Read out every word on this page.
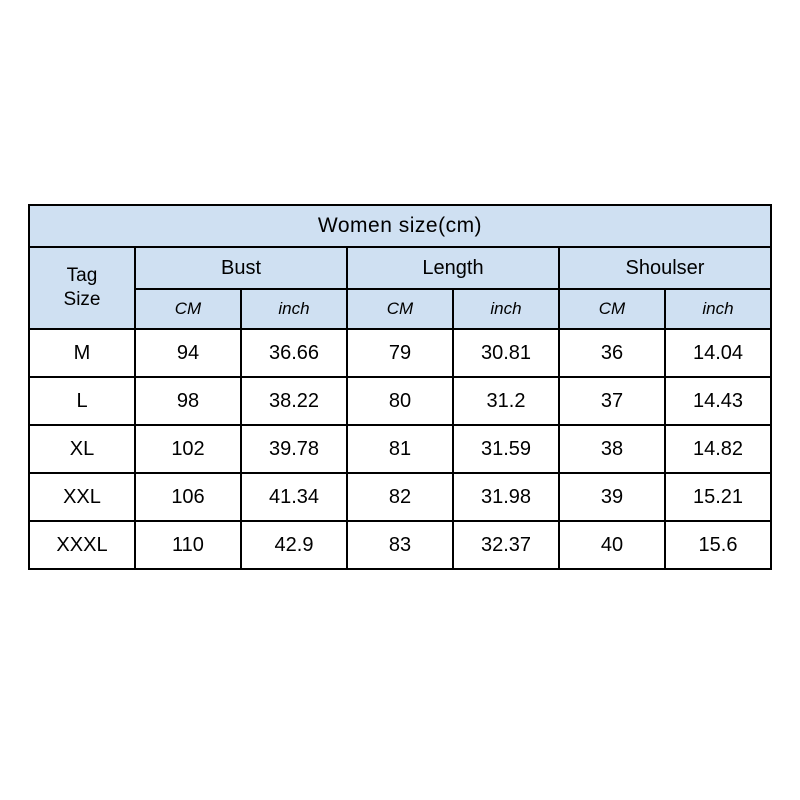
Women size(cm)						

Tag
Size	Bust		Length		Shoulser	
	CM	inch	CM	inch	CM	inch
M	94	36.66	79	30.81	36	14.04
L	98	38.22	80	31.2	37	14.43
XL	102	39.78	81	31.59	38	14.82
XXL	106	41.34	82	31.98	39	15.21
XXXL	110	42.9	83	32.37	40	15.6
